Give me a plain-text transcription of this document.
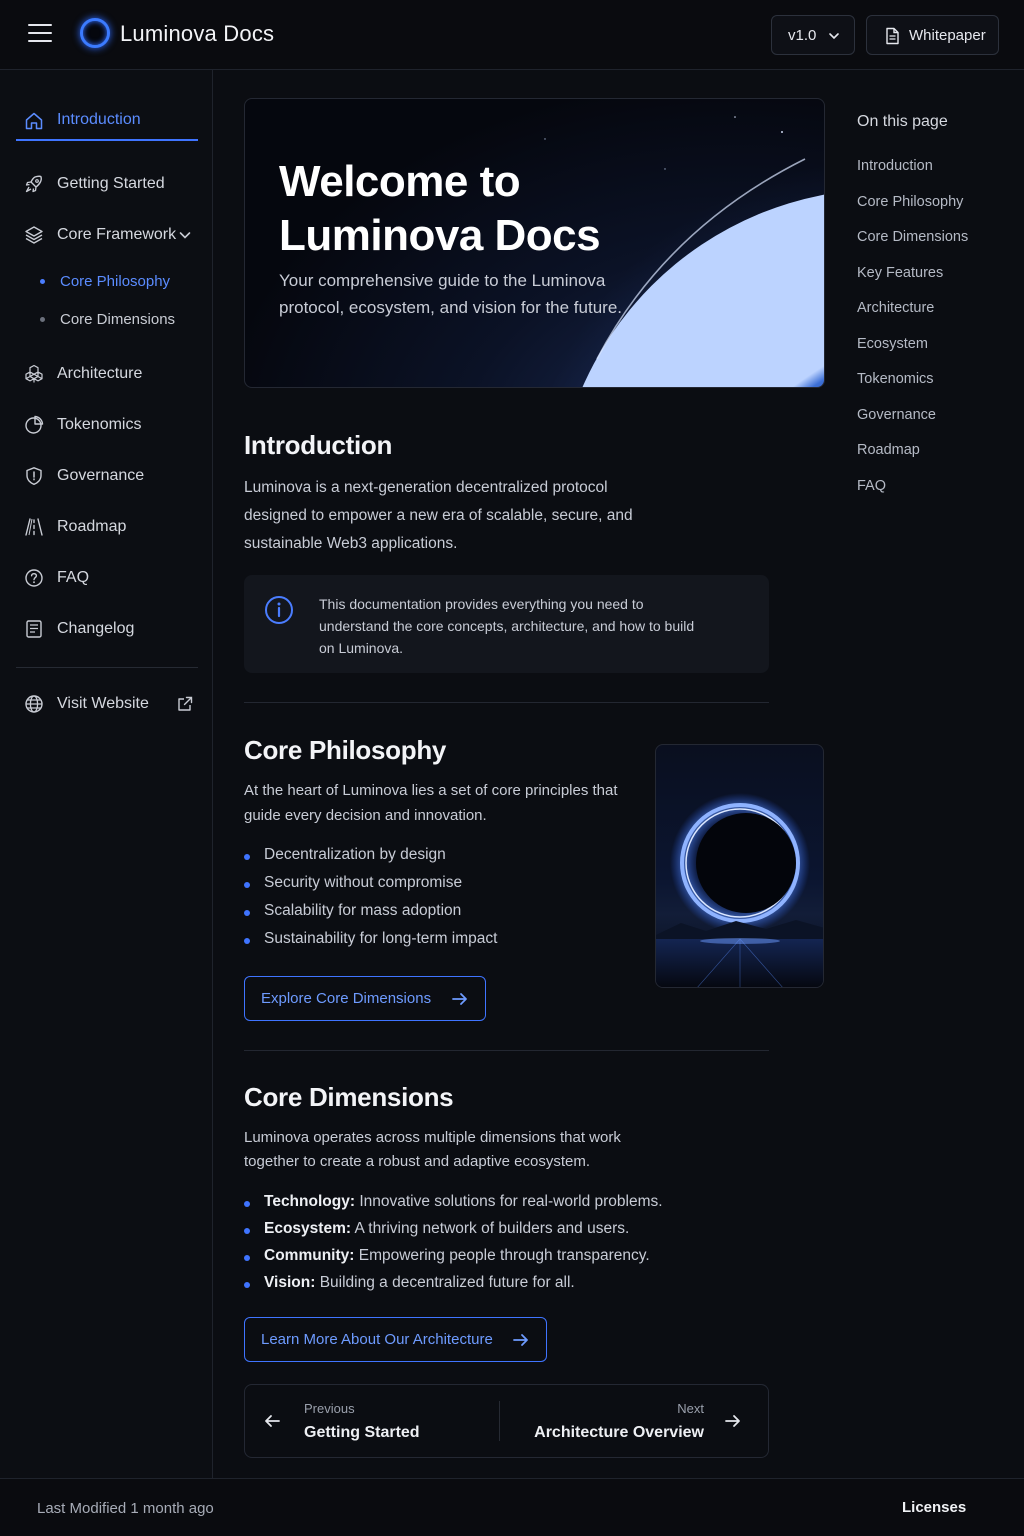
Luminova Docs	v1.0	Whitepaper
Introduction
Getting Started
Core Framework
Core Philosophy
Core Dimensions
Architecture
Tokenomics
Governance
Roadmap
FAQ
Changelog
Visit Website
Welcome to Luminova Docs
Your comprehensive guide to the Luminova protocol, ecosystem, and vision for the future.
Introduction
Luminova is a next-generation decentralized protocol designed to empower a new era of scalable, secure, and sustainable Web3 applications.
This documentation provides everything you need to understand the core concepts, architecture, and how to build on Luminova.
Core Philosophy
At the heart of Luminova lies a set of core principles that guide every decision and innovation.
Decentralization by design
Security without compromise
Scalability for mass adoption
Sustainability for long-term impact
Explore Core Dimensions
Core Dimensions
Luminova operates across multiple dimensions that work together to create a robust and adaptive ecosystem.
Technology: Innovative solutions for real-world problems.
Ecosystem: A thriving network of builders and users.
Community: Empowering people through transparency.
Vision: Building a decentralized future for all.
Learn More About Our Architecture
Previous
Getting Started
Next
Architecture Overview
On this page
Introduction
Core Philosophy
Core Dimensions
Key Features
Architecture
Ecosystem
Tokenomics
Governance
Roadmap
FAQ
Last Modified 1 month ago	Licenses
